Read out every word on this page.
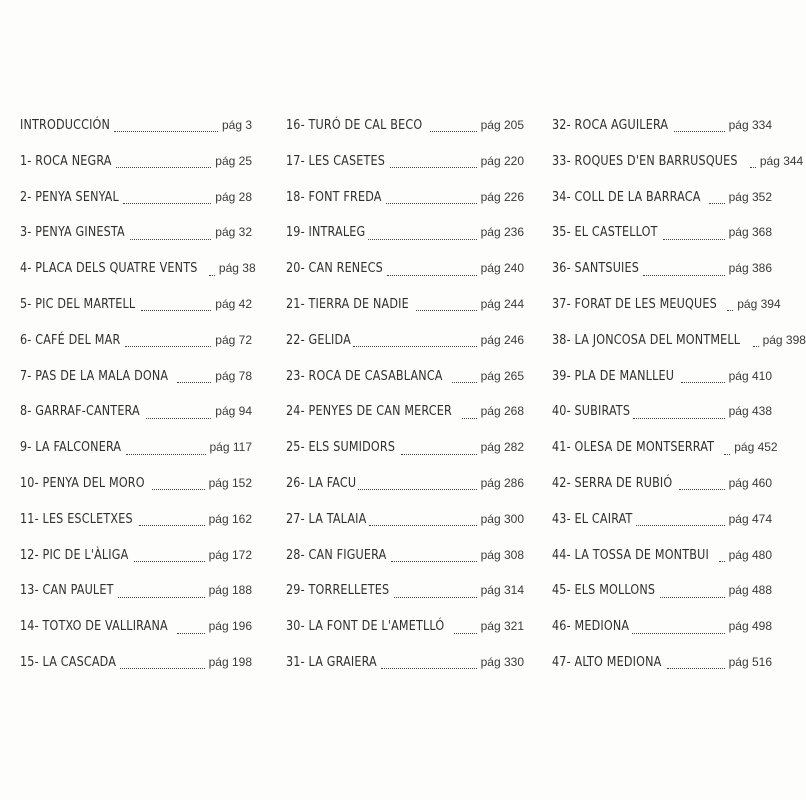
INTRODUCCIÓN	pág 3
1- ROCA NEGRA	pág 25
2- PENYA SENYAL	pág 28
3- PENYA GINESTA	pág 32
4- PLACA DELS QUATRE VENTS pág 38
5- PIC DEL MARTELL	pág 42
6- CAFÉ DEL MAR	pág 72
7- PAS DE LA MALA DONA	pág 78
8- GARRAF-CANTERA	pág 94
9- LA FALCONERA	pág 117
10- PENYA DEL MORO	pág 152
11- LES ESCLETXES	pág 162
12- PIC DE L'ÀLIGA	pág 172
13- CAN PAULET	pág 188
14- TOTXO DE VALLIRANA	pág 196
15- LA CASCADA	pág 198
16- TURÓ DE CAL BECO	pág 205
17- LES CASETES	pág 220
18- FONT FREDA	pág 226
19- INTRALEG	pág 236
20- CAN RENECS	pág 240
21- TIERRA DE NADIE	pág 244
22- GELIDA	pág 246
23- ROCA DE CASABLANCA	pág 265
24- PENYES DE CAN MERCER pág 268
25- ELS SUMIDORS	pág 282
26- LA FACU	pág 286
27- LA TALAIA	pág 300
28- CAN FIGUERA	pág 308
29- TORRELLETES	pág 314
30- LA FONT DE L'AMETLLÓ	pág 321
31- LA GRAIERA	pág 330
32- ROCA AGUILERA	pág 334
33- ROQUES D'EN BARRUSQUES pág 344
34- COLL DE LA BARRACA pág 352
35- EL CASTELLOT	pág 368
36- SANTSUIES	pág 386
37- FORAT DE LES MEUQUES pág 394
38- LA JONCOSA DEL MONTMELL pág 398
39- PLA DE MANLLEU	pág 410
40- SUBIRATS	pág 438
41- OLESA DE MONTSERRAT pág 452
42- SERRA DE RUBIÓ	pág 460
43- EL CAIRAT	pág 474
44- LA TOSSA DE MONTBUI pág 480
45- ELS MOLLONS	pág 488
46- MEDIONA	pág 498
47- ALTO MEDIONA	pág 516
